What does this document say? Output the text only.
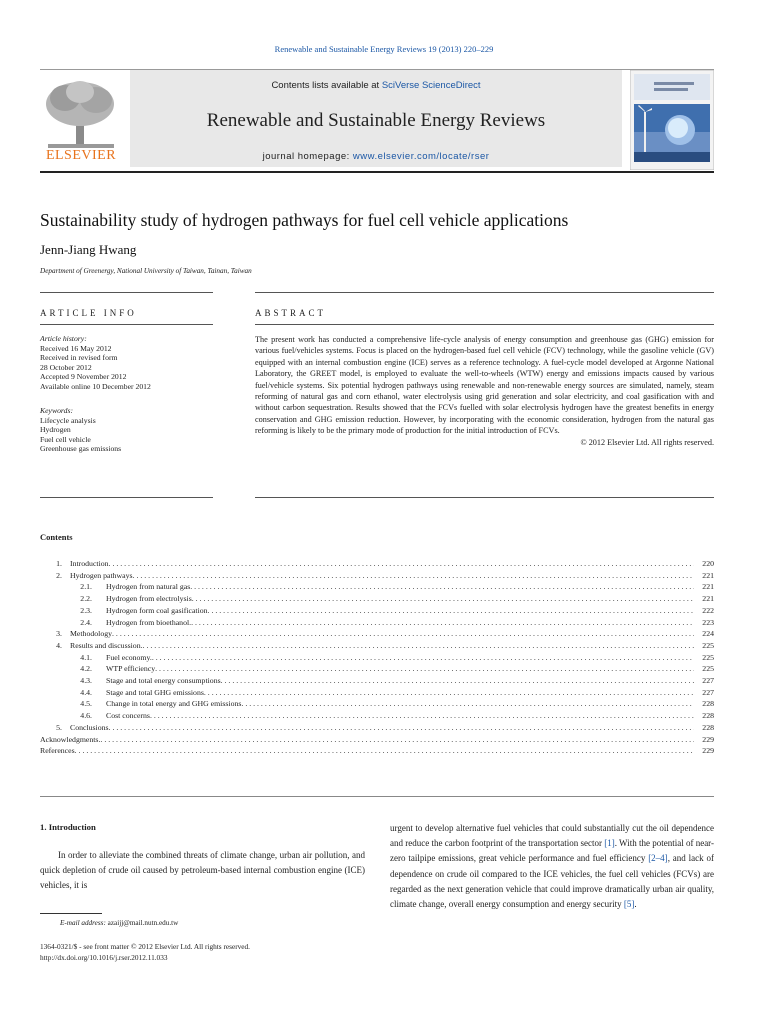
Renewable and Sustainable Energy Reviews 19 (2013) 220–229
ELSEVIER
Contents lists available at SciVerse ScienceDirect
Renewable and Sustainable Energy Reviews
journal homepage: www.elsevier.com/locate/rser
Sustainability study of hydrogen pathways for fuel cell vehicle applications
Jenn-Jiang Hwang
Department of Greenergy, National University of Taiwan, Tainan, Taiwan
ARTICLE INFO	ABSTRACT
Article history:
Received 16 May 2012
Received in revised form
28 October 2012
Accepted 9 November 2012
Available online 10 December 2012
Keywords:
Lifecycle analysis
Hydrogen
Fuel cell vehicle
Greenhouse gas emissions
The present work has conducted a comprehensive life-cycle analysis of energy consumption and greenhouse gas (GHG) emission for various fuel/vehicles systems. Focus is placed on the hydrogen-based fuel cell vehicle (FCV) technology, while the gasoline vehicle (GV) equipped with an internal combustion engine (ICE) serves as a reference technology. A fuel-cycle model developed at Argonne National Laboratory, the GREET model, is employed to evaluate the well-to-wheels (WTW) energy and emissions impacts caused by various fuel/vehicle systems. Six potential hydrogen pathways using renewable and non-renewable energy sources are simulated, namely, steam reforming of natural gas and corn ethanol, water electrolysis using grid generation and solar electricity, and coal gasification with and without carbon sequestration. Results showed that the FCVs fuelled with solar electrolysis hydrogen have the greatest benefits in energy conservation and GHG emission reduction. However, by incorporating with the economic consideration, hydrogen from the natural gas reforming is likely to be the primary mode of production for the initial introduction of FCVs.
© 2012 Elsevier Ltd. All rights reserved.
Contents
1. Introduction . . .	220
2. Hydrogen pathways . . .	221
2.1. Hydrogen from natural gas . . .	221
2.2. Hydrogen from electrolysis . . .	221
2.3. Hydrogen form coal gasification . . .	222
2.4. Hydrogen from bioethanol. . . .	223
3. Methodology . . .	224
4. Results and discussion. . . .	225
4.1. Fuel economy. . . .	225
4.2. WTP efficiency . . .	225
4.3. Stage and total energy consumptions . . .	227
4.4. Stage and total GHG emissions . . .	227
4.5. Change in total energy and GHG emissions . . .	228
4.6. Cost concerns . . .	228
5. Conclusions . . .	228
Acknowledgments. . . .	229
References . . .	229
1. Introduction
In order to alleviate the combined threats of climate change, urban air pollution, and quick depletion of crude oil caused by petroleum-based internal combustion engine (ICE) vehicles, it is
urgent to develop alternative fuel vehicles that could substantially cut the oil dependence and reduce the carbon footprint of the transportation sector [1]. With the potential of near-zero tailpipe emissions, great vehicle performance and fuel efficiency [2–4], and lack of dependence on crude oil compared to the ICE vehicles, the fuel cell vehicles (FCVs) are regarded as the next generation vehicle that could improve dramatically urban air quality, climate change, overall energy consumption and energy security [5].
E-mail address: azaijj@mail.nutn.edu.tw
1364-0321/$ - see front matter © 2012 Elsevier Ltd. All rights reserved.
http://dx.doi.org/10.1016/j.rser.2012.11.033
